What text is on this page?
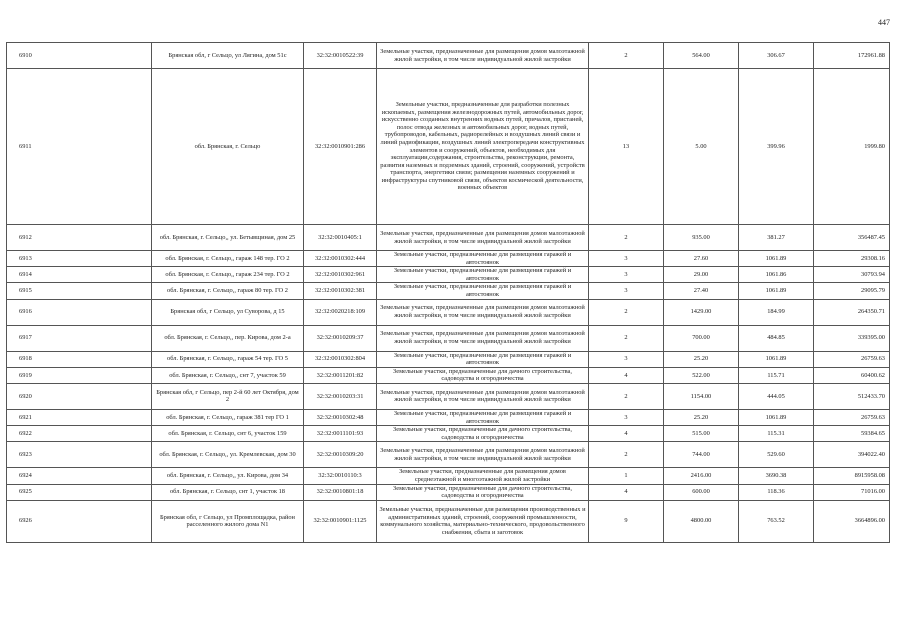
447
6910	Брянская обл, г Сельцо, ул Лягина, дом 51с	32:32:0010522:39	Земельные участки, предназначенные для размещения домов малоэтажной жилой застройки, в том числе индивидуальной жилой застройки	2	564.00	306.67	172961.88
6911	обл. Брянская, г. Сельцо	32:32:0010901:286	Земельные участки, предназначенные для разработки полезных ископаемых, размещения железнодорожных путей, автомобильных дорог, искусственно созданных внутренних водных путей, причалов, пристаней, полос отвода железных и автомобильных дорог, водных путей, трубопроводов, кабельных, радиорелейных и воздушных линий связи и линий радиофикации, воздушных линий электропередачи конструктивных элементов и сооружений, объектов, необходимых для эксплуатации,содержания, строительства, реконструкции, ремонта, развития наземных и подземных зданий, строений, сооружений, устройств транспорта, энергетики связи; размещения наземных сооружений и инфраструктуры спутниковой связи, объектов космической деятельности, военных объектов	13	5.00	399.96	1999.80
6912	обл. Брянская, г. Сельцо,, ул. Бетывщиная, дом 25	32:32:0010405:1	Земельные участки, предназначенные для размещения домов малоэтажной жилой застройки, в том числе индивидуальной жилой застройки	2	935.00	381.27	356487.45
6913	обл. Брянская, г. Сельцо,, гараж 148 тер. ГО 2	32:32:0010302:444	Земельные участки, предназначенные для размещения гаражей и автостоянок	3	27.60	1061.89	29308.16
6914	обл. Брянская, г. Сельцо,, гараж 234 тер. ГО 2	32:32:0010302:961	Земельные участки, предназначенные для размещения гаражей и автостоянок	3	29.00	1061.86	30793.94
6915	обл. Брянская, г. Сельцо,, гараж 80 тер. ГО 2	32:32:0010302:381	Земельные участки, предназначенные для размещения гаражей и автостоянок	3	27.40	1061.89	29095.79
6916	Брянская обл, г Сельцо, ул Суворова, д 15	32:32:0020218:109	Земельные участки, предназначенные для размещения домов малоэтажной жилой застройки, в том числе индивидуальной жилой застройки	2	1429.00	184.99	264350.71
6917	обл. Брянская, г. Сельцо,, пер. Кирова, дом 2-а	32:32:0010209:37	Земельные участки, предназначенные для размещения домов малоэтажной жилой застройки, в том числе индивидуальной жилой застройки	2	700.00	484.85	339395.00
6918	обл. Брянская, г. Сельцо,, гараж 54 тер. ГО 5	32:32:0010302:804	Земельные участки, предназначенные для размещения гаражей и автостоянок	3	25.20	1061.89	26759.63
6919	обл. Брянская, г. Сельцо,, снт 7, участок 59	32:32:0011201:82	Земельные участки, предназначенные для дачного строительства, садоводства и огородничества	4	522.00	115.71	60400.62
6920	Брянская обл, г Сельцо, пер 2-й 60 лет Октября, дом 2	32:32:0010203:31	Земельные участки, предназначенные для размещения домов малоэтажной жилой застройки, в том числе индивидуальной жилой застройки	2	1154.00	444.05	512433.70
6921	обл. Брянская, г. Сельцо,, гараж 381 тер ГО 1	32:32:0010302:48	Земельные участки, предназначенные для размещения гаражей и автостоянок	3	25.20	1061.89	26759.63
6922	обл. Брянская, г. Сельцо, снт 6, участок 159	32:32:0011101:93	Земельные участки, предназначенные для дачного строительства, садоводства и огородничества	4	515.00	115.31	59384.65
6923	обл. Брянская, г. Сельцо,, ул. Кремлевская, дом 30	32:32:0010309:20	Земельные участки, предназначенные для размещения домов малоэтажной жилой застройки, в том числе индивидуальной жилой застройки	2	744.00	529.60	394022.40
6924	обл. Брянская, г. Сельцо,, ул. Кирова, дом 34	32:32:0010110:3	Земельные участки, предназначенные для размещения домов среднеэтажной и многоэтажной жилой застройки	1	2416.00	3690.38	8915958.08
6925	обл. Брянская, г. Сельцо, снт 1, участок 18	32:32:0010801:18	Земельные участки, предназначенные для дачного строительства, садоводства и огородничества	4	600.00	118.36	71016.00
6926	Брянская обл, г Сельцо, ул Промплощадка, район расселенного жилого дома N1	32:32:0010901:1125	Земельные участки, предназначенные для размещения производственных и административных зданий, строений, сооружений промышленности, коммунального хозяйства, материально-технического, продовольственного снабжения, сбыта и заготовок	9	4800.00	763.52	3664896.00
